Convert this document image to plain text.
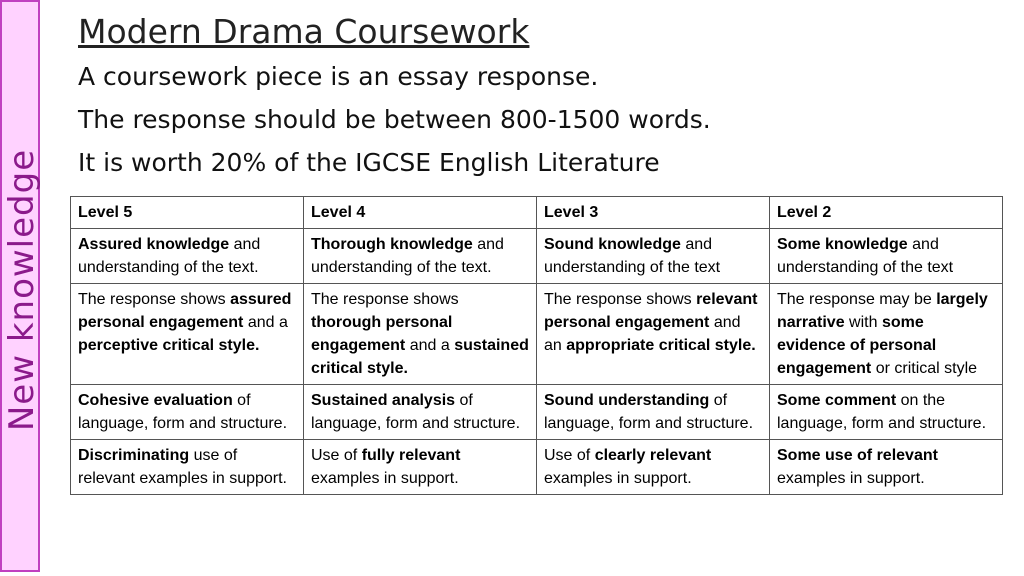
New knowledge
Modern Drama Coursework

A coursework piece is an essay response.

The response should be between 800-1500 words.

It is worth 20% of the IGCSE English Literature

Level 5	Level 4	Level 3	Level 2
Assured knowledge and understanding of the text.	Thorough knowledge and understanding of the text.	Sound knowledge and understanding of the text	Some knowledge and understanding of the text
The response shows assured personal engagement and a perceptive critical style.	The response shows thorough personal engagement and a sustained critical style.	The response shows relevant personal engagement and an appropriate critical style.	The response may be largely narrative with some evidence of personal engagement or critical style
Cohesive evaluation of language, form and structure.	Sustained analysis of language, form and structure.	Sound understanding of language, form and structure.	Some comment on the language, form and structure.
Discriminating use of relevant examples in support.	Use of fully relevant examples in support.	Use of clearly relevant examples in support.	Some use of relevant examples in support.
